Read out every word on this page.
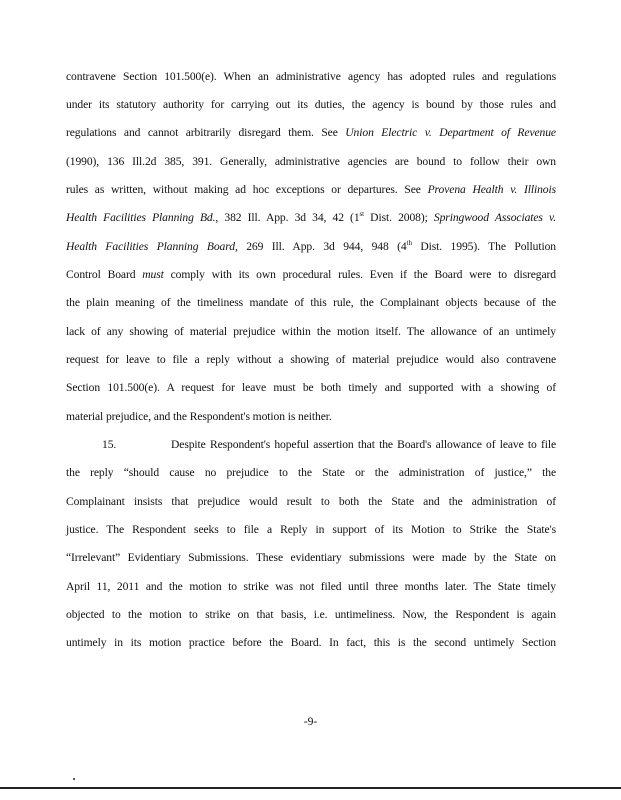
contravene Section 101.500(e). When an administrative agency has adopted rules and regulations
under its statutory authority for carrying out its duties, the agency is bound by those rules and
regulations and cannot arbitrarily disregard them. See Union Electric v. Department of Revenue
(1990), 136 Ill.2d 385, 391. Generally, administrative agencies are bound to follow their own
rules as written, without making ad hoc exceptions or departures. See Provena Health v. Illinois
Health Facilities Planning Bd., 382 Ill. App. 3d 34, 42 (1st Dist. 2008); Springwood Associates v.
Health Facilities Planning Board, 269 Ill. App. 3d 944, 948 (4th Dist. 1995). The Pollution
Control Board must comply with its own procedural rules. Even if the Board were to disregard
the plain meaning of the timeliness mandate of this rule, the Complainant objects because of the
lack of any showing of material prejudice within the motion itself. The allowance of an untimely
request for leave to file a reply without a showing of material prejudice would also contravene
Section 101.500(e). A request for leave must be both timely and supported with a showing of
material prejudice, and the Respondent's motion is neither.
15.	Despite Respondent's hopeful assertion that the Board's allowance of leave to file
the reply “should cause no prejudice to the State or the administration of justice,” the
Complainant insists that prejudice would result to both the State and the administration of
justice. The Respondent seeks to file a Reply in support of its Motion to Strike the State's
“Irrelevant” Evidentiary Submissions. These evidentiary submissions were made by the State on
April 11, 2011 and the motion to strike was not filed until three months later. The State timely
objected to the motion to strike on that basis, i.e. untimeliness. Now, the Respondent is again
untimely in its motion practice before the Board. In fact, this is the second untimely Section
-9-
